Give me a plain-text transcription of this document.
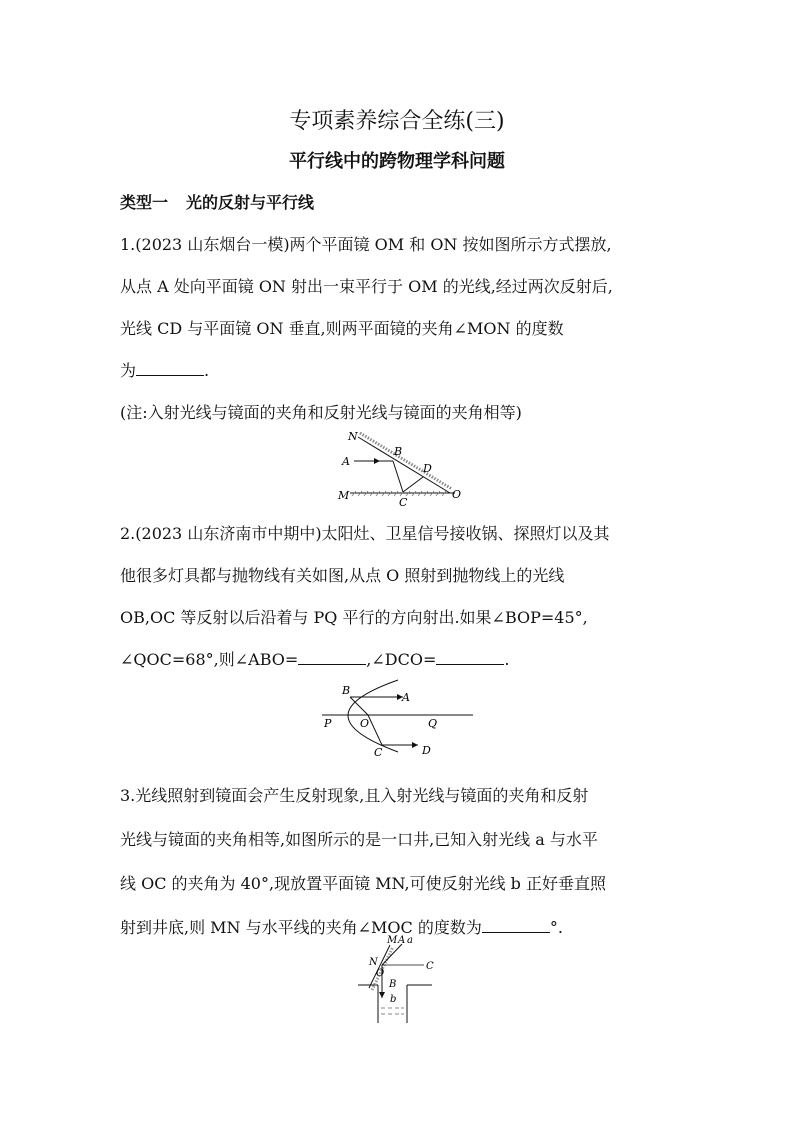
专项素养综合全练(三)
平行线中的跨物理学科问题
类型一 光的反射与平行线

1.(2023 山东烟台一模)两个平面镜 OM 和 ON 按如图所示方式摆放,

从点 A 处向平面镜 ON 射出一束平行于 OM 的光线,经过两次反射后,

光线 CD 与平面镜 ON 垂直,则两平面镜的夹角∠MON 的度数

为	.

(注:入射光线与镜面的夹角和反射光线与镜面的夹角相等)

N
B
A
D
M
C
O

2.(2023 山东济南市中期中)太阳灶、卫星信号接收锅、探照灯以及其

他很多灯具都与抛物线有关如图,从点 O 照射到抛物线上的光线

OB,OC 等反射以后沿着与 PQ 平行的方向射出.如果∠BOP=45°,

∠QOC=68°,则∠ABO=	,∠DCO=	.

B
A
P	O	Q
C	D

3.光线照射到镜面会产生反射现象,且入射光线与镜面的夹角和反射

光线与镜面的夹角相等,如图所示的是一口井,已知入射光线 a 与水平

线 OC 的夹角为 40°,现放置平面镜 MN,可使反射光线 b 正好垂直照

射到井底,则 MN 与水平线的夹角∠MOC 的度数为	°.

M A a
N
O
C
B
b
